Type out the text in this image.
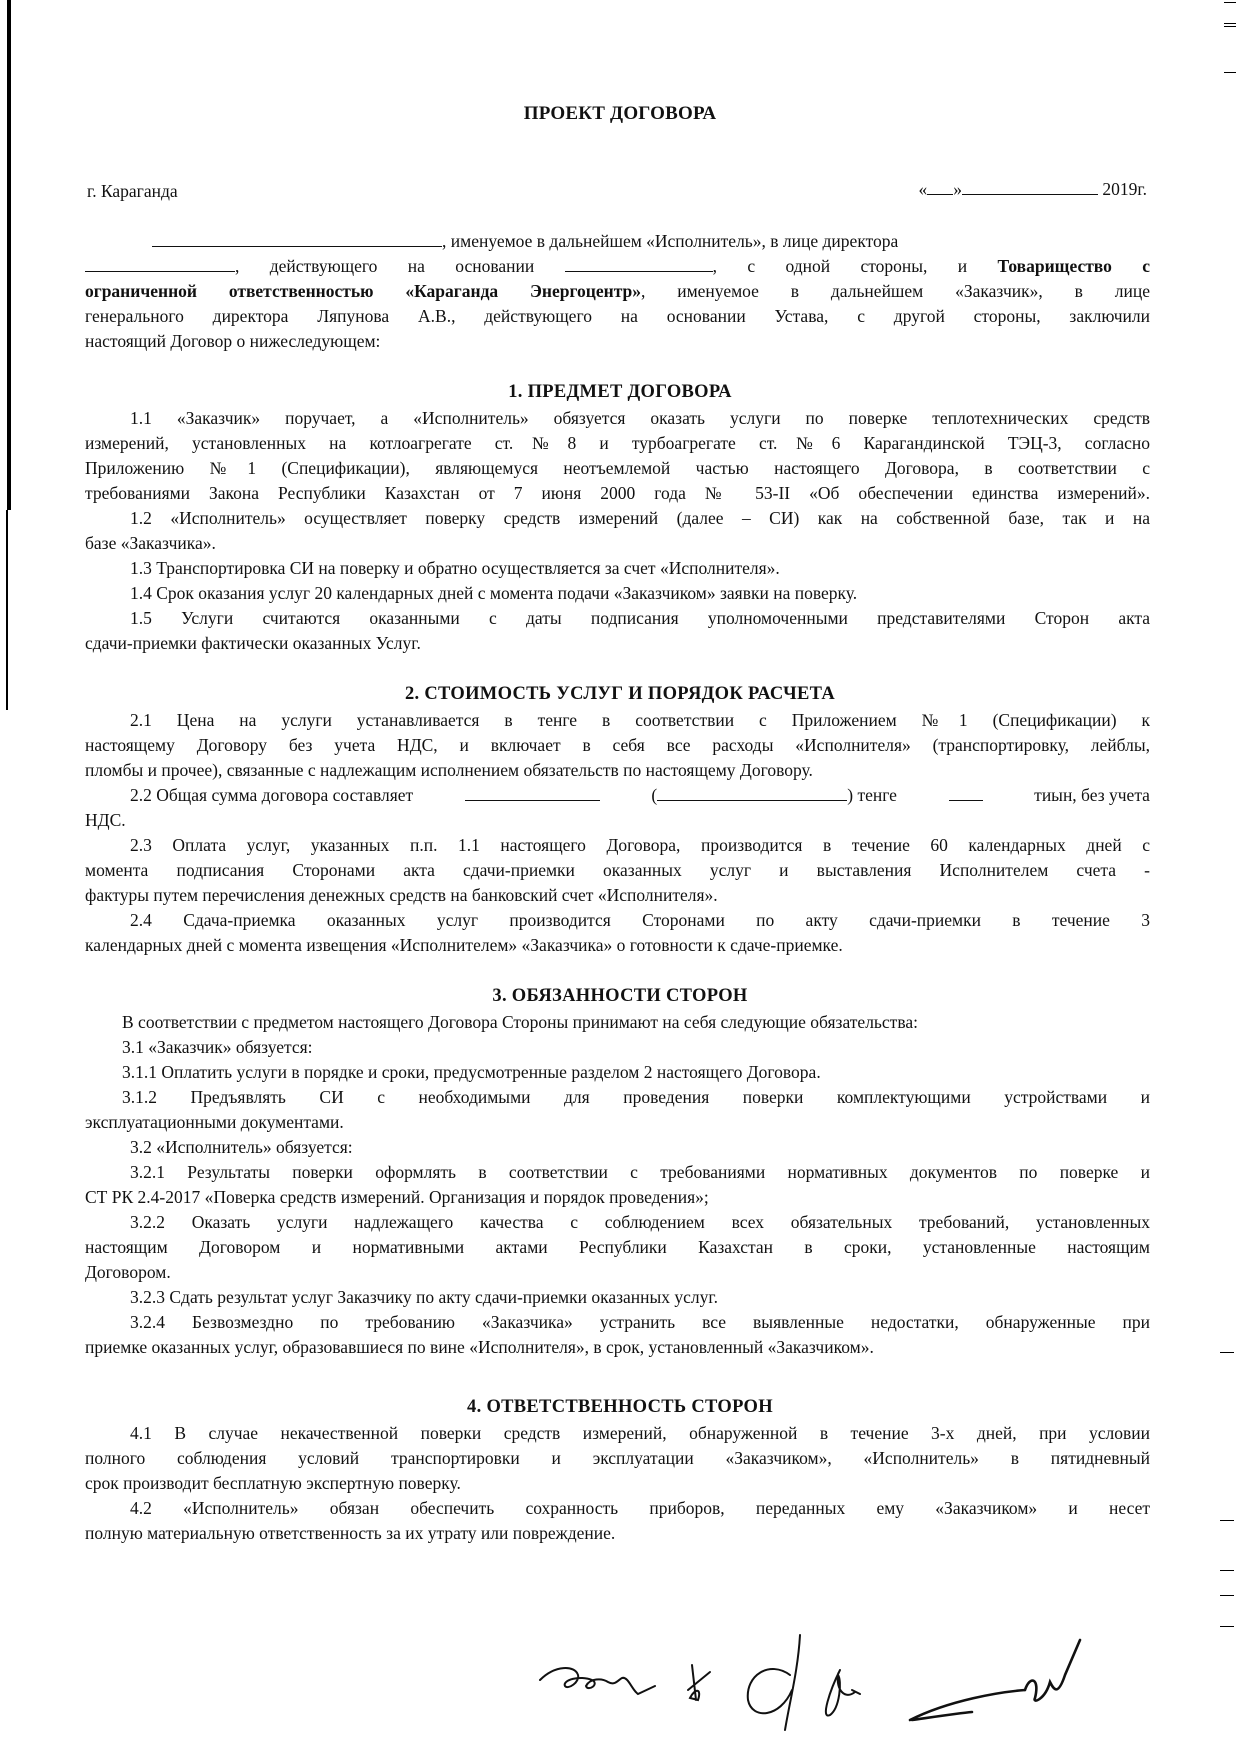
ПРОЕКТ ДОГОВОРА
г. Караганда	« »	2019г.
, именуемое в дальнейшем «Исполнитель», в лице директора
, действующего на основании	, с одной стороны, и Товарищество с
ограниченной ответственностью «Караганда Энергоцентр», именуемое в дальнейшем «Заказчик», в лице
генерального директора Ляпунова А.В., действующего на основании Устава, с другой стороны, заключили
настоящий Договор о нижеследующем:
1. ПРЕДМЕТ ДОГОВОРА
1.1 «Заказчик» поручает, а «Исполнитель» обязуется оказать услуги по поверке теплотехнических средств
измерений, установленных на котлоагрегате ст.№8 и турбоагрегате ст.№6 Карагандинской ТЭЦ-3, согласно
Приложению №1 (Спецификации), являющемуся неотъемлемой частью настоящего Договора, в соответствии с
требованиями Закона Республики Казахстан от 7 июня 2000 года № 53-II «Об обеспечении единства измерений».
1.2 «Исполнитель» осуществляет поверку средств измерений (далее – СИ) как на собственной базе, так и на
базе «Заказчика».
1.3 Транспортировка СИ на поверку и обратно осуществляется за счет «Исполнителя».
1.4 Срок оказания услуг 20 календарных дней с момента подачи «Заказчиком» заявки на поверку.
1.5 Услуги считаются оказанными с даты подписания уполномоченными представителями Сторон акта
сдачи-приемки фактически оказанных Услуг.
2. СТОИМОСТЬ УСЛУГ И ПОРЯДОК РАСЧЕТА
2.1 Цена на услуги устанавливается в тенге в соответствии с Приложением №1 (Спецификации) к
настоящему Договору без учета НДС, и включает в себя все расходы «Исполнителя» (транспортировку, лейблы,
пломбы и прочее), связанные с надлежащим исполнением обязательств по настоящему Договору.
2.2 Общая сумма договора составляет	(	) тенге	тиын, без учета
НДС.
2.3 Оплата услуг, указанных п.п. 1.1 настоящего Договора, производится в течение 60 календарных дней с
момента подписания Сторонами акта сдачи-приемки оказанных услуг и выставления Исполнителем счета -
фактуры путем перечисления денежных средств на банковский счет «Исполнителя».
2.4 Сдача-приемка оказанных услуг производится Сторонами по акту сдачи-приемки в течение 3
календарных дней с момента извещения «Исполнителем» «Заказчика» о готовности к сдаче-приемке.
3. ОБЯЗАННОСТИ СТОРОН
В соответствии с предметом настоящего Договора Стороны принимают на себя следующие обязательства:
3.1 «Заказчик» обязуется:
3.1.1 Оплатить услуги в порядке и сроки, предусмотренные разделом 2 настоящего Договора.
3.1.2 Предъявлять СИ с необходимыми для проведения поверки комплектующими устройствами и
эксплуатационными документами.
3.2 «Исполнитель» обязуется:
3.2.1 Результаты поверки оформлять в соответствии с требованиями нормативных документов по поверке и
СТ РК 2.4-2017 «Поверка средств измерений. Организация и порядок проведения»;
3.2.2 Оказать услуги надлежащего качества с соблюдением всех обязательных требований, установленных
настоящим Договором и нормативными актами Республики Казахстан в сроки, установленные настоящим
Договором.
3.2.3 Сдать результат услуг Заказчику по акту сдачи-приемки оказанных услуг.
3.2.4 Безвозмездно по требованию «Заказчика» устранить все выявленные недостатки, обнаруженные при
приемке оказанных услуг, образовавшиеся по вине «Исполнителя», в срок, установленный «Заказчиком».
4. ОТВЕТСТВЕННОСТЬ СТОРОН
4.1 В случае некачественной поверки средств измерений, обнаруженной в течение 3-х дней, при условии
полного соблюдения условий транспортировки и эксплуатации «Заказчиком», «Исполнитель» в пятидневный
срок производит бесплатную экспертную поверку.
4.2 «Исполнитель» обязан обеспечить сохранность приборов, переданных ему «Заказчиком» и несет
полную материальную ответственность за их утрату или повреждение.
